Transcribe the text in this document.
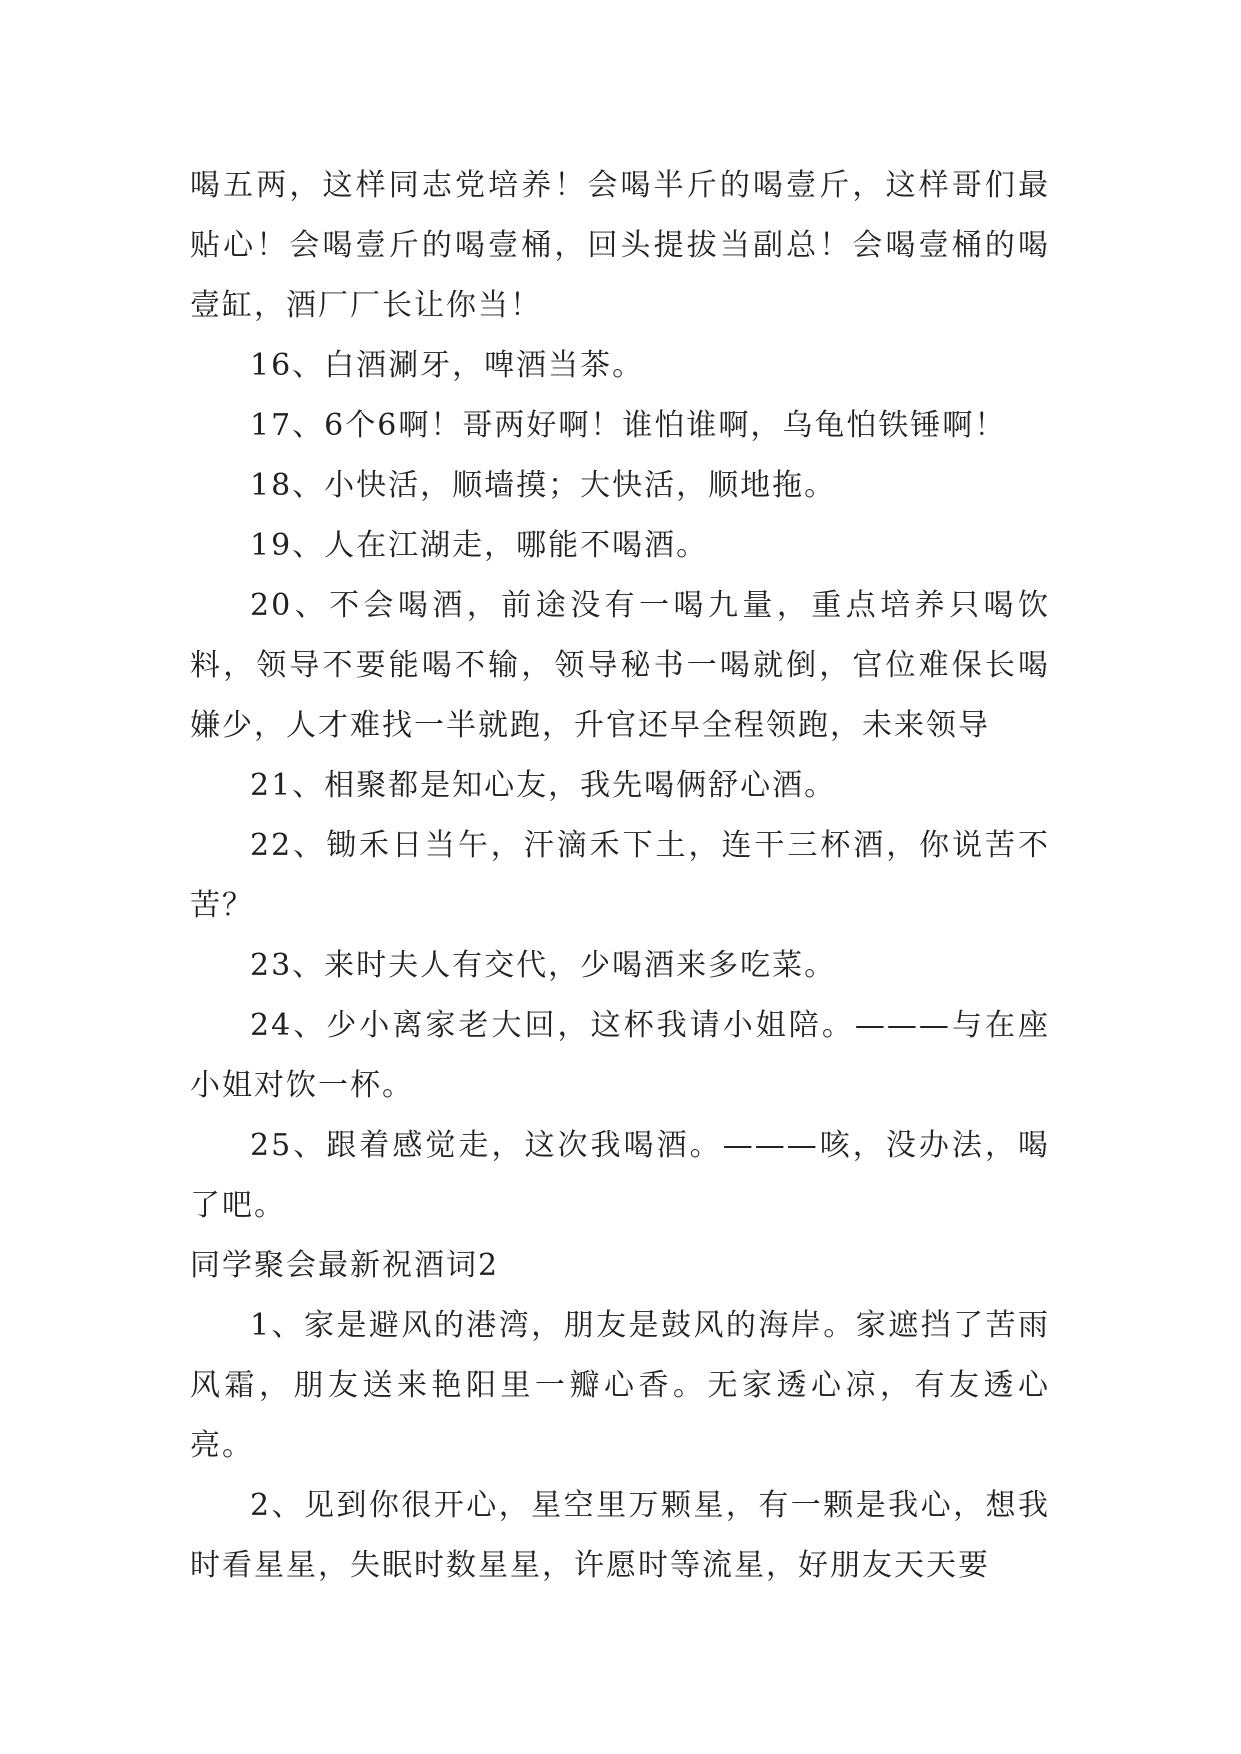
喝五两，这样同志党培养！会喝半斤的喝壹斤，这样哥们最贴心！会喝壹斤的喝壹桶，回头提拔当副总！会喝壹桶的喝壹缸，酒厂厂长让你当！

16、白酒涮牙，啤酒当茶。

17、6个6啊！哥两好啊！谁怕谁啊，乌龟怕铁锤啊！

18、小快活，顺墙摸；大快活，顺地拖。

19、人在江湖走，哪能不喝酒。

20、不会喝酒，前途没有一喝九量，重点培养只喝饮料，领导不要能喝不输，领导秘书一喝就倒，官位难保长喝嫌少，人才难找一半就跑，升官还早全程领跑，未来领导

21、相聚都是知心友，我先喝俩舒心酒。

22、锄禾日当午，汗滴禾下土，连干三杯酒，你说苦不苦？

23、来时夫人有交代，少喝酒来多吃菜。

24、少小离家老大回，这杯我请小姐陪。———与在座小姐对饮一杯。

25、跟着感觉走，这次我喝酒。———咳，没办法，喝了吧。

同学聚会最新祝酒词2

1、家是避风的港湾，朋友是鼓风的海岸。家遮挡了苦雨风霜，朋友送来艳阳里一瓣心香。无家透心凉，有友透心亮。

2、见到你很开心，星空里万颗星，有一颗是我心，想我时看星星，失眠时数星星，许愿时等流星，好朋友天天要
